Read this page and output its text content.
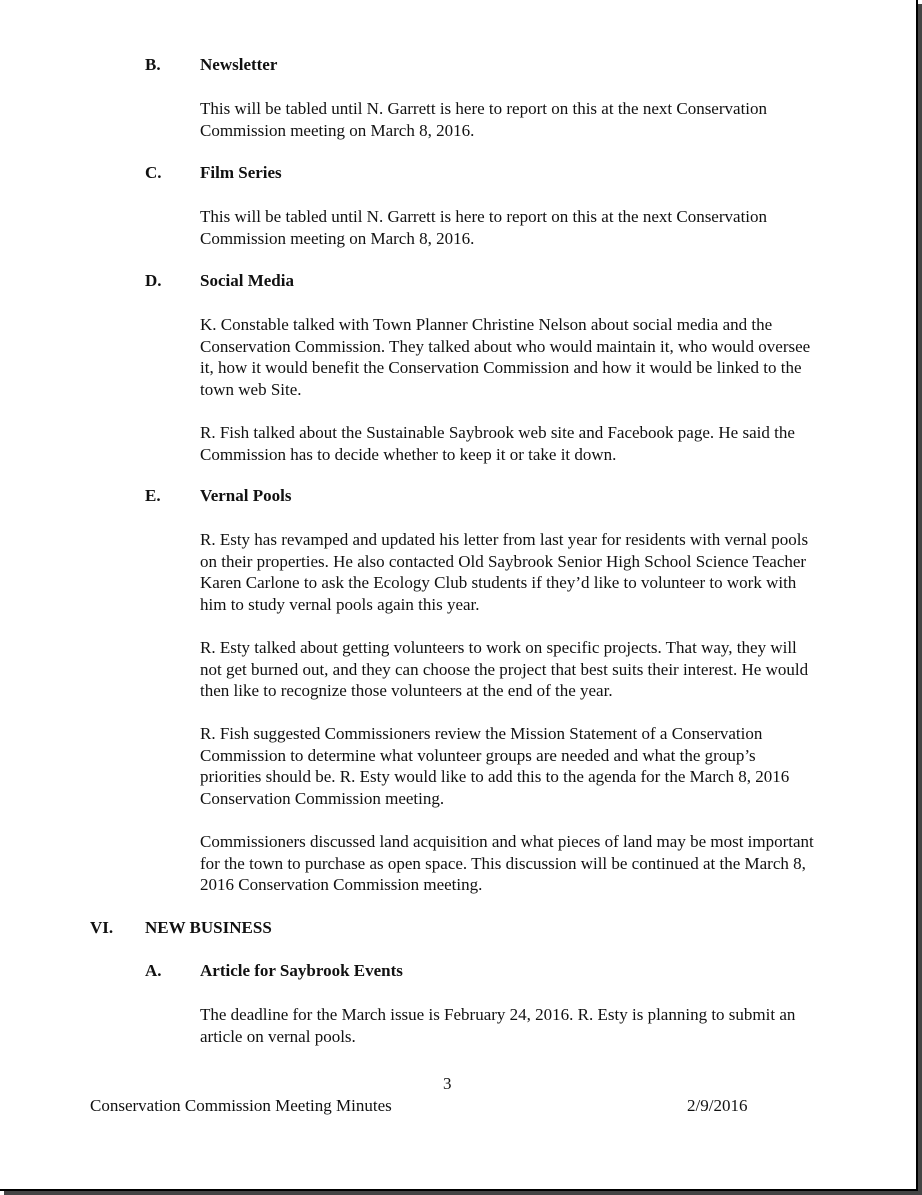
B. Newsletter

This will be tabled until N. Garrett is here to report on this at the next Conservation Commission meeting on March 8, 2016.

C. Film Series

This will be tabled until N. Garrett is here to report on this at the next Conservation Commission meeting on March 8, 2016.

D. Social Media

K. Constable talked with Town Planner Christine Nelson about social media and the Conservation Commission. They talked about who would maintain it, who would oversee it, how it would benefit the Conservation Commission and how it would be linked to the town web Site.

R. Fish talked about the Sustainable Saybrook web site and Facebook page. He said the Commission has to decide whether to keep it or take it down.

E. Vernal Pools

R. Esty has revamped and updated his letter from last year for residents with vernal pools on their properties. He also contacted Old Saybrook Senior High School Science Teacher Karen Carlone to ask the Ecology Club students if they’d like to volunteer to work with him to study vernal pools again this year.

R. Esty talked about getting volunteers to work on specific projects. That way, they will not get burned out, and they can choose the project that best suits their interest. He would then like to recognize those volunteers at the end of the year.

R. Fish suggested Commissioners review the Mission Statement of a Conservation Commission to determine what volunteer groups are needed and what the group’s priorities should be. R. Esty would like to add this to the agenda for the March 8, 2016 Conservation Commission meeting.

Commissioners discussed land acquisition and what pieces of land may be most important for the town to purchase as open space. This discussion will be continued at the March 8, 2016 Conservation Commission meeting.

VI. NEW BUSINESS
A. Article for Saybrook Events

The deadline for the March issue is February 24, 2016. R. Esty is planning to submit an article on vernal pools.

3
Conservation Commission Meeting Minutes	2/9/2016
